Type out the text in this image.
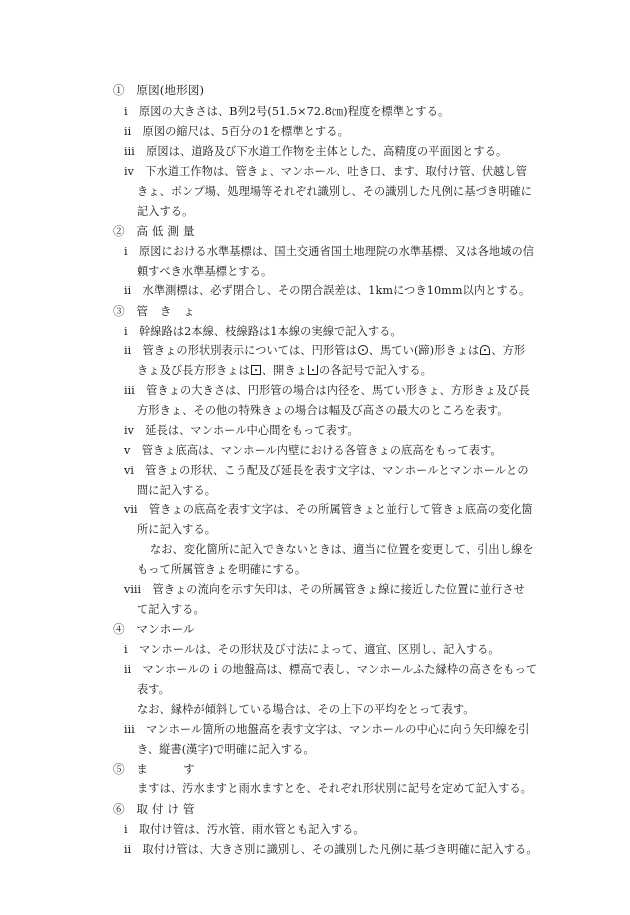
①　原図(地形図)
ⅰ　原図の大きさは、B列2号(51.5×72.8㎝)程度を標準とする。
ⅱ　原図の縮尺は、5百分の1を標準とする。
ⅲ　原図は、道路及び下水道工作物を主体とした、高精度の平面図とする。
ⅳ　下水道工作物は、管きょ、マンホール、吐き口、ます、取付け管、伏越し管
きょ、ポンプ場、処理場等それぞれ識別し、その識別した凡例に基づき明確に
記入する。
②　高 低 測 量
ⅰ　原図における水準基標は、国土交通省国土地理院の水準基標、又は各地域の信
頼すべき水準基標とする。
ⅱ　水準測標は、必ず閉合し、その閉合誤差は、1kmにつき10mm以内とする。
③　管　き　ょ
ⅰ　幹線路は2本線、枝線路は1本線の実線で記入する。
ⅱ　管きょの形状別表示については、円形管は 、馬てい(蹄)形きょは 、方形
きょ及び長方形きょは 、開きょ の各記号で記入する。
ⅲ　管きょの大きさは、円形管の場合は内径を、馬てい形きょ、方形きょ及び長
方形きょ、その他の特殊きょの場合は幅及び高さの最大のところを表す。
ⅳ　延長は、マンホール中心間をもって表す。
ⅴ　管きょ底高は、マンホール内壁における各管きょの底高をもって表す。
ⅵ　管きょの形状、こう配及び延長を表す文字は、マンホールとマンホールとの
間に記入する。
ⅶ　管きょの底高を表す文字は、その所属管きょと並行して管きょ底高の変化箇
所に記入する。
なお、変化箇所に記入できないときは、適当に位置を変更して、引出し線を
もって所属管きょを明確にする。
ⅷ　管きょの流向を示す矢印は、その所属管きょ線に接近した位置に並行させ
て記入する。
④　マンホール
ⅰ　マンホールは、その形状及び寸法によって、適宜、区別し、記入する。
ⅱ　マンホールのｉの地盤高は、標高で表し、マンホールふた縁枠の高さをもって
表す。
なお、縁枠が傾斜している場合は、その上下の平均をとって表す。
ⅲ　マンホール箇所の地盤高を表す文字は、マンホールの中心に向う矢印線を引
き、縦書(漢字)で明確に記入する。
⑤　ま　　　す
ますは、汚水ますと雨水ますとを、それぞれ形状別に記号を定めて記入する。
⑥　取 付 け 管
ⅰ　取付け管は、汚水管、雨水管とも記入する。
ⅱ　取付け管は、大きさ別に識別し、その識別した凡例に基づき明確に記入する。
